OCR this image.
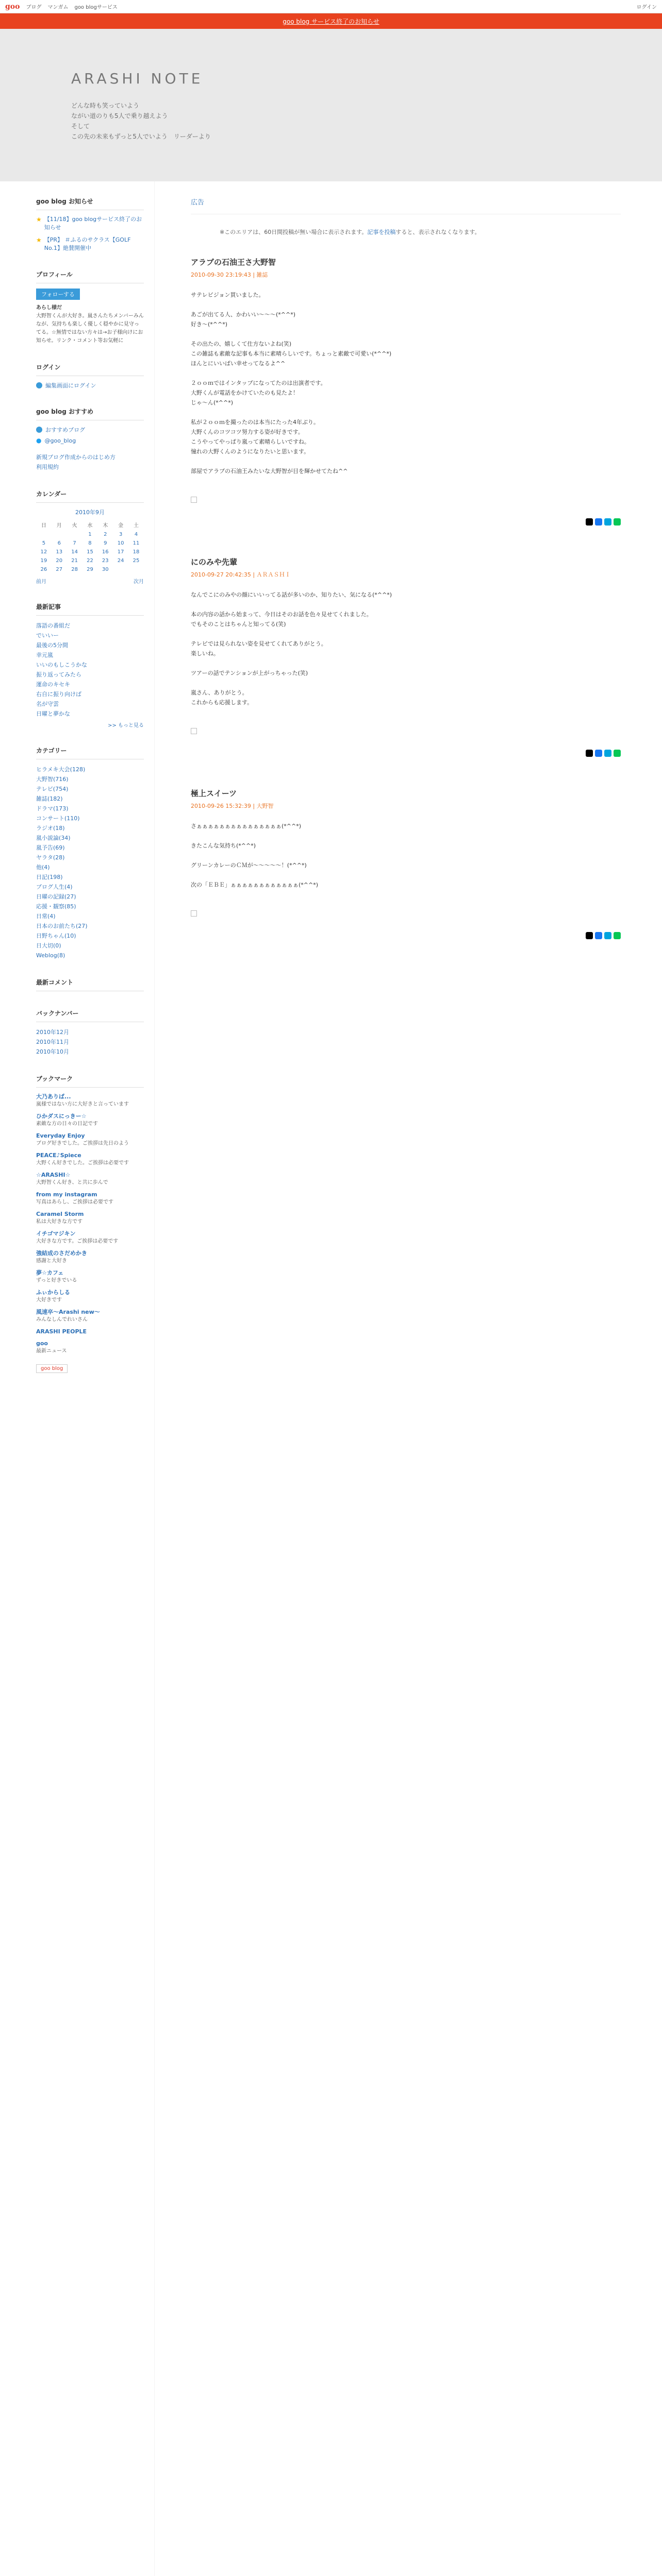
goo ブログ マンガム goo blogサービス	ログイン
goo blog サービス終了のお知らせ
ARASHI NOTE
どんな時も笑っていよう
ながい道のりも5人で乗り越えよう
そして
この先の未来もずっと5人でいよう　リーダーより
goo blog お知らせ
★ 【11/18】goo blogサービス終了のお知らせ
★ 【PR】 ＃ふるのサクラス【GOLF No.1】絶賛開催中
プロフィール
フォローする
あらし様だ
大野智くんが大好き。嵐さんたちメンバーみんなが、気持ちも楽しく優しく穏やかに見守ってる。☆無情ではない方々は→お子様向けにお知らせ。リンク・コメント等お気軽に
ログイン
編集画面にログイン
goo blog おすすめ
おすすめブログ
● @goo_blog
新規ブログ作成からのはじめ方
利用規約
カレンダー
2010年9月
日	月	火	水	木	金	土
			1	2	3	4
5	6	7	8	9	10	11
12	13	14	15	16	17	18
19	20	21	22	23	24	25
26	27	28	29	30		
前月	次月
最新記事
落語の番組だ
でいいー
最後の5分間
幸元嵐
いいのもしこうかな
振り返ってみたら
運命のキセキ
右自に振り向けば
名が守雲
日曜と夢かな
>> もっと見る
カテゴリー
ヒラメキ大会(128)
大野智(716)
テレビ(754)
雑誌(182)
ドラマ(173)
コンサート(110)
ラジオ(18)
嵐小説論(34)
嵐予告(69)
ヤラタ(28)
他(4)
日記(198)
ブログ人生(4)
日曜の記録(27)
応援・観察(85)
日常(4)
日本のお前たち(27)
日野ちゃん(10)
日大切(0)
Weblog(8)
最新コメント
バックナンバー
2010年12月
2010年11月
2010年10月
ブックマーク
大乃ありば...
嵐様ではない方に大好きと言っています
ひかダスにっきー☆
素敵な方の日々の日記です
Everyday Enjoy
ブログ好きでした。ご挨拶は先日のよう
PEACE♪Spiece
大野くん好きでした。ご挨拶は必要です
☆ARASHI☆
大野智くん好き、と共に歩んで
from my instagram
写真はあらし、ご挨拶は必要です
Caramel Storm
私は大好きな方です
イチゴマジキン
大好きな方です。ご挨拶は必要です
強結成のさだめかき
感謝と大好き
夢☆カフェ
ずっと好きでいる
ふぃからしる
大好きです
風速卒～Arashi new～
みんなしんでれいさん
ARASHI PEOPLE
goo
最新ニュース
goo blog
広告
※このエリアは、60日間投稿が無い場合に表示されます。記事を投稿すると、表示されなくなります。
アラブの石油王さ大野智
2010-09-30 23:19:43 | 雑誌

サテレビジョン買いました。

あごが出てる人、かわいい～～～(*^^*)
好き～(*^^*)

その出たの、嬉しくて仕方ないよね(笑)
この雑誌も素敵な記事も本当に素晴らしいです。ちょっと素敵で可愛い(*^^*)
ほんとにいいぱい幸せってなるよ^^

２ｏｏｍではインタップになってたのは出演者です。
大野くんが電話をかけていたのも見たよ！
じゃ～ん(*^^*)

私が２ｏｏｍを撮ったのは本当にたった4年ぶり。
大野くんのコツコツ努力する姿が好きです。
こうやってやっぱり嵐って素晴らしいですね。
憧れの大野くんのようになりたいと思います。

部屋でアラブの石油王みたいな大野智が目を輝かせてたね^^

にのみや先輩
2010-09-27 20:42:35 | ＡＲＡＳＨＩ

なんでこにのみやの顔にいいってる話が多いのか、知りたい、気になる(*^^*)

本の内容の話から始まって、今日はそのお話を色々見せてくれました。
でもそのことはちゃんと知ってる(笑)

テレビでは見られない姿を見せてくれてありがとう。
楽しいね。

ツアーの話でテンションが上がっちゃった(笑)

嵐さん、ありがとう。
これからも応援します。

極上スイーツ
2010-09-26 15:32:39 | 大野智

さぁぁぁぁぁぁぁぁぁぁぁぁぁぁぁ(*^^*)

きたこんな気持ち(*^^*)

グリーンカレーのＣＭが～～～～～！(*^^*)

次の「ＥＢＥ」ぁぁぁぁぁぁぁぁぁぁぁぁ(*^^*)
